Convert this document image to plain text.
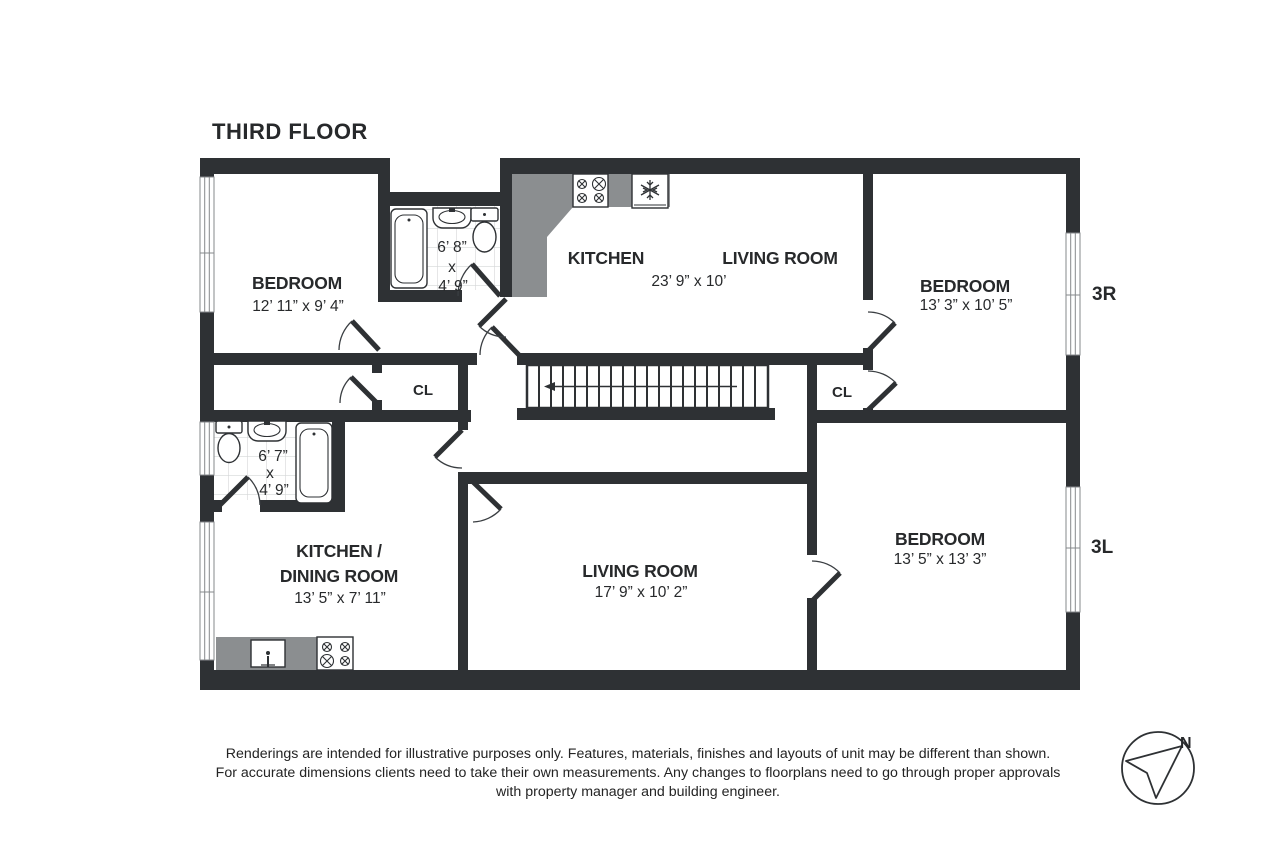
THIRD FLOOR
BEDROOM
12’ 11” x 9’ 4”
6’ 8”
x
4’ 9”
KITCHEN	LIVING ROOM
23’ 9” x 10’	BEDROOM
13’ 3” x 10’ 5”
CL	CL
6’ 7”
x
4’ 9”
KITCHEN /
DINING ROOM
13’ 5” x 7’ 11”
LIVING ROOM
17’ 9” x 10’ 2”
BEDROOM
13’ 5” x 13’ 3”
3R
3L
N
Renderings are intended for illustrative purposes only. Features, materials, finishes and layouts of unit may be different than shown.
For accurate dimensions clients need to take their own measurements. Any changes to floorplans need to go through proper approvals
with property manager and building engineer.
